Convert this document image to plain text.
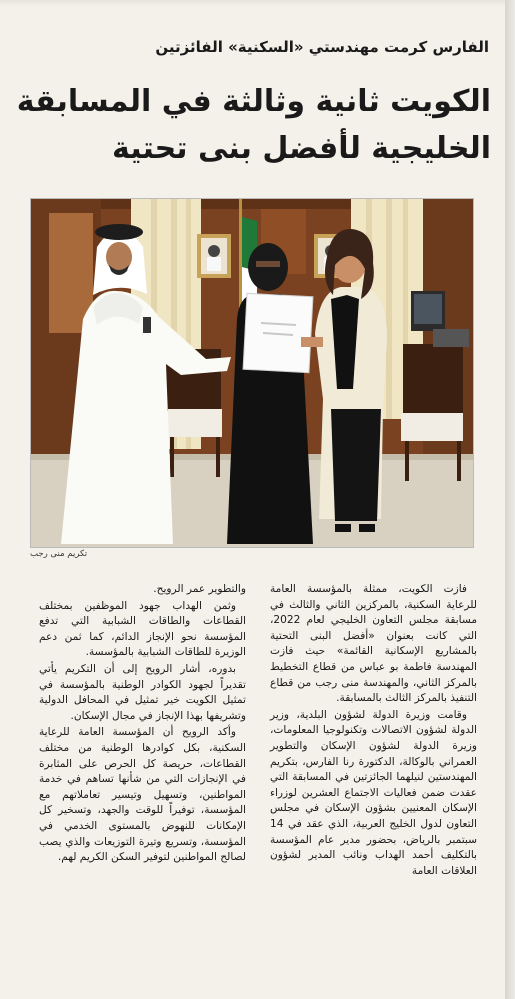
الفارس كرمت مهندستي «السكنية» الفائزتين
الكويت ثانية وثالثة في المسابقة
الخليجية لأفضل بنى تحتية
تكريم منى رجب

فازت الكويت، ممثلة بالمؤسسة العامة للرعاية السكنية، بالمركزين الثاني والثالث في مسابقة مجلس التعاون الخليجي لعام 2022، التي كانت بعنوان «أفضل البنى التحتية بالمشاريع الإسكانية القائمة» حيث فازت المهندسة فاطمة بو عباس من قطاع التخطيط بالمركز الثاني، والمهندسة منى رجب من قطاع التنفيذ بالمركز الثالث بالمسابقة.

وقامت وزيرة الدولة لشؤون البلدية، وزير الدولة لشؤون الاتصالات وتكنولوجيا المعلومات، وزيرة الدولة لشؤون الإسكان والتطوير العمراني بالوكالة، الدكتورة رنا الفارس، بتكريم المهندستين لنيلهما الجائزتين في المسابقة التي عقدت ضمن فعاليات الاجتماع العشرين لوزراء الإسكان المعنيين بشؤون الإسكان في مجلس التعاون لدول الخليج العربية، الذي عقد في 14 سبتمبر بالرياض، بحضور مدير عام المؤسسة بالتكليف أحمد الهداب ونائب المدير لشؤون العلاقات العامة

والتطوير عمر الرويح.

وثمن الهداب جهود الموظفين بمختلف القطاعات والطاقات الشبابية التي تدفع المؤسسة نحو الإنجاز الدائم، كما ثمن دعم الوزيرة للطاقات الشبابية بالمؤسسة.

بدوره، أشار الرويح إلى أن التكريم يأتي تقديراً لجهود الكوادر الوطنية بالمؤسسة في تمثيل الكويت خير تمثيل في المحافل الدولية وتشريفها بهذا الإنجاز في مجال الإسكان.

وأكد الرويح أن المؤسسة العامة للرعاية السكنية، بكل كوادرها الوطنية من مختلف القطاعات، حريصة كل الحرص على المثابرة في الإنجازات التي من شأنها تساهم في خدمة المواطنين، وتسهيل وتيسير تعاملاتهم مع المؤسسة، توفيراً للوقت والجهد، وتسخير كل الإمكانات للنهوض بالمستوى الخدمي في المؤسسة، وتسريع وتيرة التوزيعات والذي يصب لصالح المواطنين لتوفير السكن الكريم لهم.
